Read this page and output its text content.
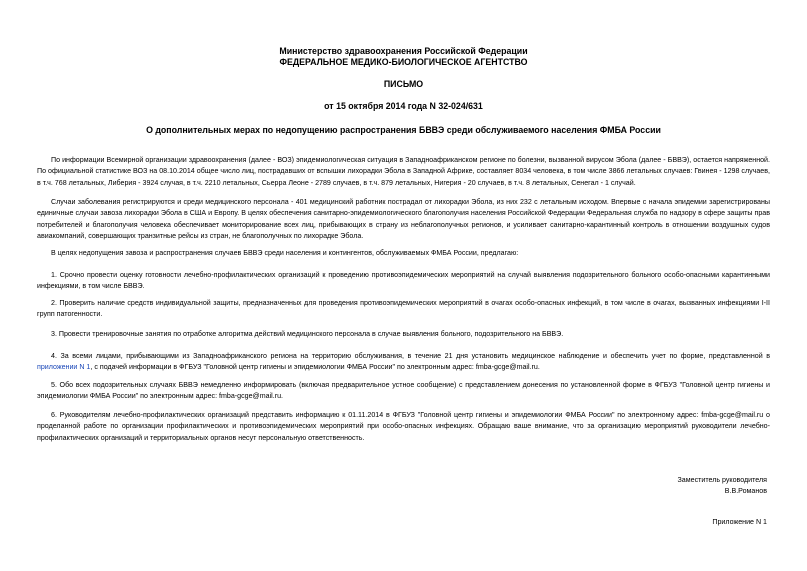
Министерство здравоохранения Российской Федерации
ФЕДЕРАЛЬНОЕ МЕДИКО-БИОЛОГИЧЕСКОЕ АГЕНТСТВО
ПИСЬМО
от 15 октября 2014 года N 32-024/631
О дополнительных мерах по недопущению распространения БВВЭ среди обслуживаемого населения ФМБА России

По информации Всемирной организации здравоохранения (далее - ВОЗ) эпидемиологическая ситуация в Западноафриканском регионе по болезни, вызванной вирусом Эбола (далее - БВВЭ), остается напряженной. По официальной статистике ВОЗ на 08.10.2014 общее число лиц, пострадавших от вспышки лихорадки Эбола в Западной Африке, составляет 8034 человека, в том числе 3866 летальных случаев: Гвинея - 1298 случаев, в т.ч. 768 летальных, Либерия - 3924 случая, в т.ч. 2210 летальных, Сьерра Леоне - 2789 случаев, в т.ч. 879 летальных, Нигерия - 20 случаев, в т.ч. 8 летальных, Сенегал - 1 случай.

Случаи заболевания регистрируются и среди медицинского персонала - 401 медицинский работник пострадал от лихорадки Эбола, из них 232 с летальным исходом. Впервые с начала эпидемии зарегистрированы единичные случаи завоза лихорадки Эбола в США и Европу. В целях обеспечения санитарно-эпидемиологического благополучия населения Российской Федерации Федеральная служба по надзору в сфере защиты прав потребителей и благополучия человека обеспечивает мониторирование всех лиц, прибывающих в страну из неблагополучных регионов, и усиливает санитарно-карантинный контроль в отношении воздушных судов авиакомпаний, совершающих транзитные рейсы из стран, не благополучных по лихорадке Эбола.

В целях недопущения завоза и распространения случаев БВВЭ среди населения и контингентов, обслуживаемых ФМБА России, предлагаю:

1. Срочно провести оценку готовности лечебно-профилактических организаций к проведению противоэпидемических мероприятий на случай выявления подозрительного больного особо-опасными карантинными инфекциями, в том числе БВВЭ.

2. Проверить наличие средств индивидуальной защиты, предназначенных для проведения противоэпидемических мероприятий в очагах особо-опасных инфекций, в том числе в очагах, вызванных инфекциями I-II групп патогенности.

3. Провести тренировочные занятия по отработке алгоритма действий медицинского персонала в случае выявления больного, подозрительного на БВВЭ.

4. За всеми лицами, прибывающими из Западноафриканского региона на территорию обслуживания, в течение 21 дня установить медицинское наблюдение и обеспечить учет по форме, представленной в приложении N 1, с подачей информации в ФГБУЗ "Головной центр гигиены и эпидемиологии ФМБА России" по электронным адрес: fmba-gcge@mail.ru.

5. Обо всех подозрительных случаях БВВЭ немедленно информировать (включая предварительное устное сообщение) с представлением донесения по установленной форме в ФГБУЗ "Головной центр гигиены и эпидемиологии ФМБА России" по электронным адрес: fmba-gcge@mail.ru.

6. Руководителям лечебно-профилактических организаций представить информацию к 01.11.2014 в ФГБУЗ "Головной центр гигиены и эпидемиологии ФМБА России" по электронному адрес: fmba-gcge@mail.ru о проделанной работе по организации профилактических и противоэпидемических мероприятий при особо-опасных инфекциях. Обращаю ваше внимание, что за организацию мероприятий руководители лечебно-профилактических организаций и территориальных органов несут персональную ответственность.

Заместитель руководителя
В.В.Романов
Приложение N 1
